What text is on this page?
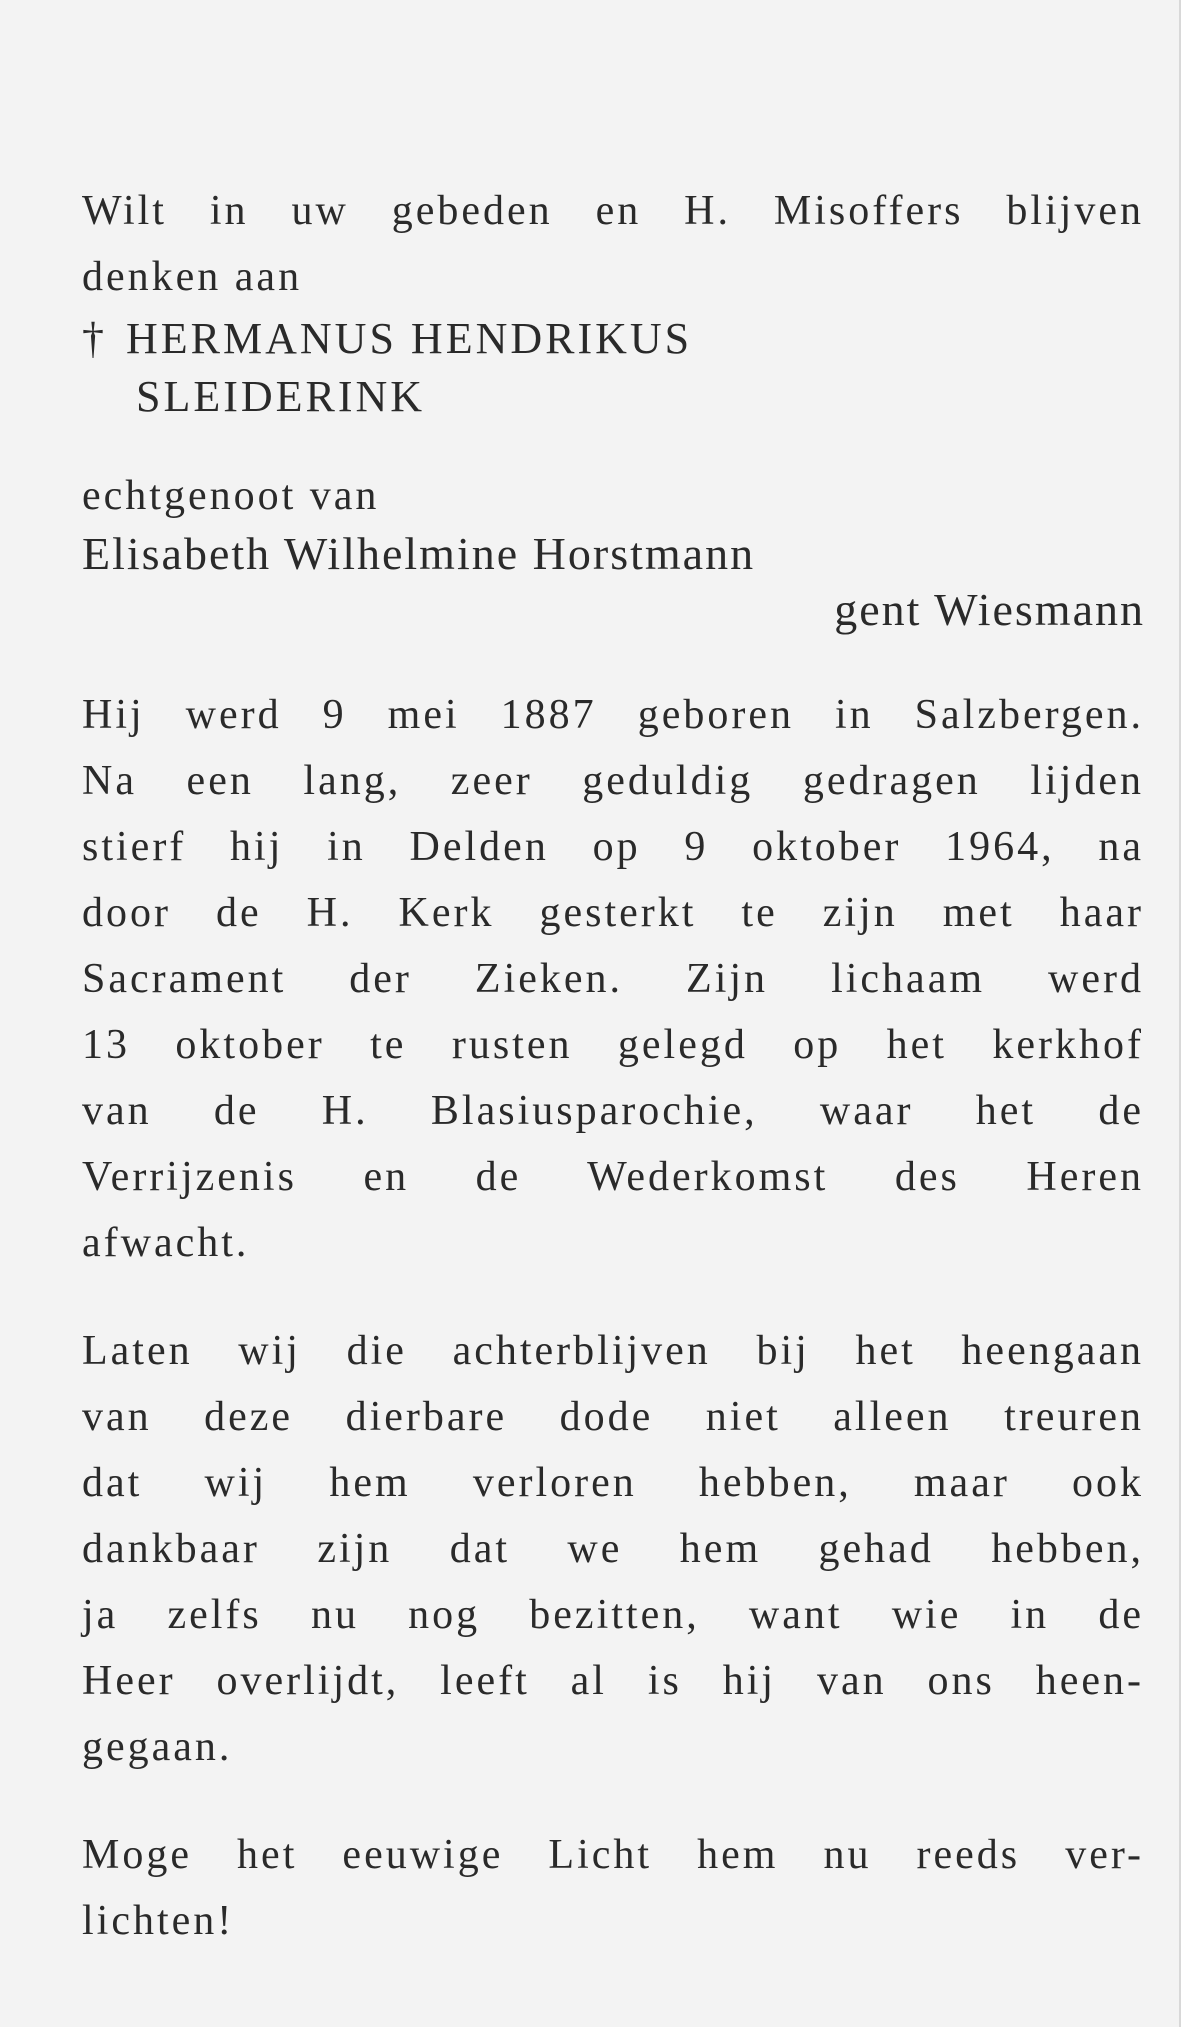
Wilt in uw gebeden en H. Misoffers blijven
denken aan
† HERMANUS HENDRIKUS
SLEIDERINK
echtgenoot van
Elisabeth Wilhelmine Horstmann
gent Wiesmann
Hij werd 9 mei 1887 geboren in Salzbergen.
Na een lang, zeer geduldig gedragen lijden
stierf hij in Delden op 9 oktober 1964, na
door de H. Kerk gesterkt te zijn met haar
Sacrament der Zieken. Zijn lichaam werd
13 oktober te rusten gelegd op het kerkhof
van de H. Blasiusparochie, waar het de
Verrijzenis en de Wederkomst des Heren
afwacht.
Laten wij die achterblijven bij het heengaan
van deze dierbare dode niet alleen treuren
dat wij hem verloren hebben, maar ook
dankbaar zijn dat we hem gehad hebben,
ja zelfs nu nog bezitten, want wie in de
Heer overlijdt, leeft al is hij van ons heen-
gegaan.
Moge het eeuwige Licht hem nu reeds ver-
lichten!
